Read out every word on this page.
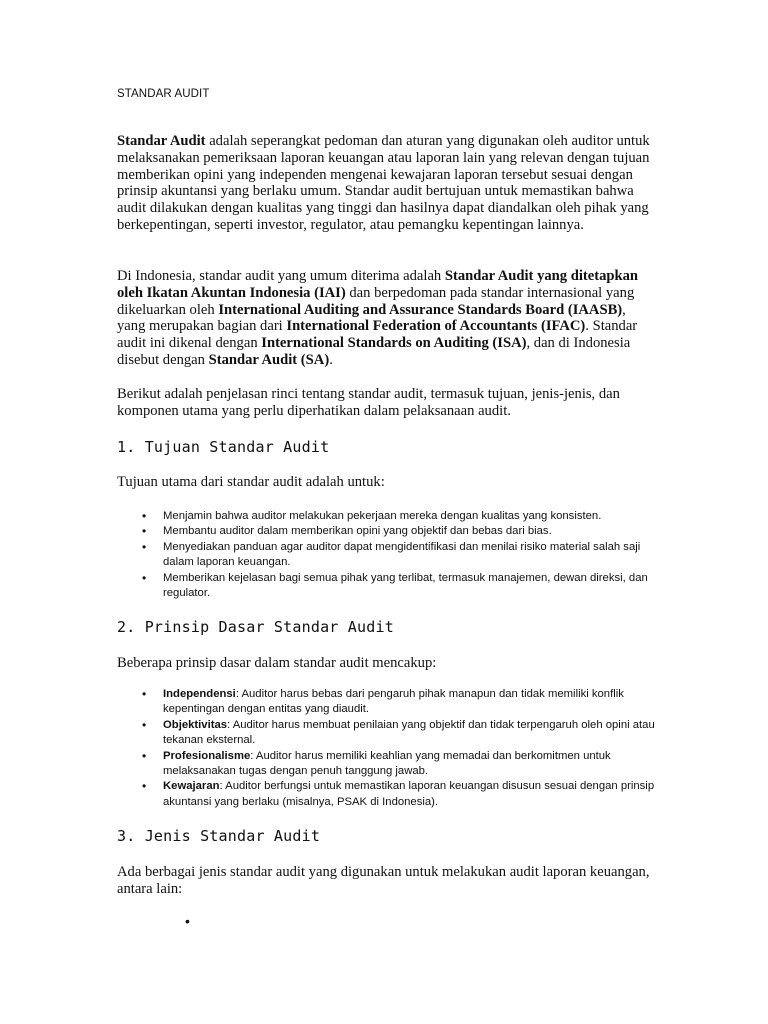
STANDAR AUDIT
Standar Audit adalah seperangkat pedoman dan aturan yang digunakan oleh auditor untuk melaksanakan pemeriksaan laporan keuangan atau laporan lain yang relevan dengan tujuan memberikan opini yang independen mengenai kewajaran laporan tersebut sesuai dengan prinsip akuntansi yang berlaku umum. Standar audit bertujuan untuk memastikan bahwa audit dilakukan dengan kualitas yang tinggi dan hasilnya dapat diandalkan oleh pihak yang berkepentingan, seperti investor, regulator, atau pemangku kepentingan lainnya.
Di Indonesia, standar audit yang umum diterima adalah Standar Audit yang ditetapkan oleh Ikatan Akuntan Indonesia (IAI) dan berpedoman pada standar internasional yang dikeluarkan oleh International Auditing and Assurance Standards Board (IAASB), yang merupakan bagian dari International Federation of Accountants (IFAC). Standar audit ini dikenal dengan International Standards on Auditing (ISA), dan di Indonesia disebut dengan Standar Audit (SA).
Berikut adalah penjelasan rinci tentang standar audit, termasuk tujuan, jenis-jenis, dan komponen utama yang perlu diperhatikan dalam pelaksanaan audit.
1. Tujuan Standar Audit
Tujuan utama dari standar audit adalah untuk:
• Menjamin bahwa auditor melakukan pekerjaan mereka dengan kualitas yang konsisten.
• Membantu auditor dalam memberikan opini yang objektif dan bebas dari bias.
• Menyediakan panduan agar auditor dapat mengidentifikasi dan menilai risiko material salah saji dalam laporan keuangan.
• Memberikan kejelasan bagi semua pihak yang terlibat, termasuk manajemen, dewan direksi, dan regulator.
2. Prinsip Dasar Standar Audit
Beberapa prinsip dasar dalam standar audit mencakup:
• Independensi: Auditor harus bebas dari pengaruh pihak manapun dan tidak memiliki konflik kepentingan dengan entitas yang diaudit.
• Objektivitas: Auditor harus membuat penilaian yang objektif dan tidak terpengaruh oleh opini atau tekanan eksternal.
• Profesionalisme: Auditor harus memiliki keahlian yang memadai dan berkomitmen untuk melaksanakan tugas dengan penuh tanggung jawab.
• Kewajaran: Auditor berfungsi untuk memastikan laporan keuangan disusun sesuai dengan prinsip akuntansi yang berlaku (misalnya, PSAK di Indonesia).
3. Jenis Standar Audit
Ada berbagai jenis standar audit yang digunakan untuk melakukan audit laporan keuangan, antara lain:
•
